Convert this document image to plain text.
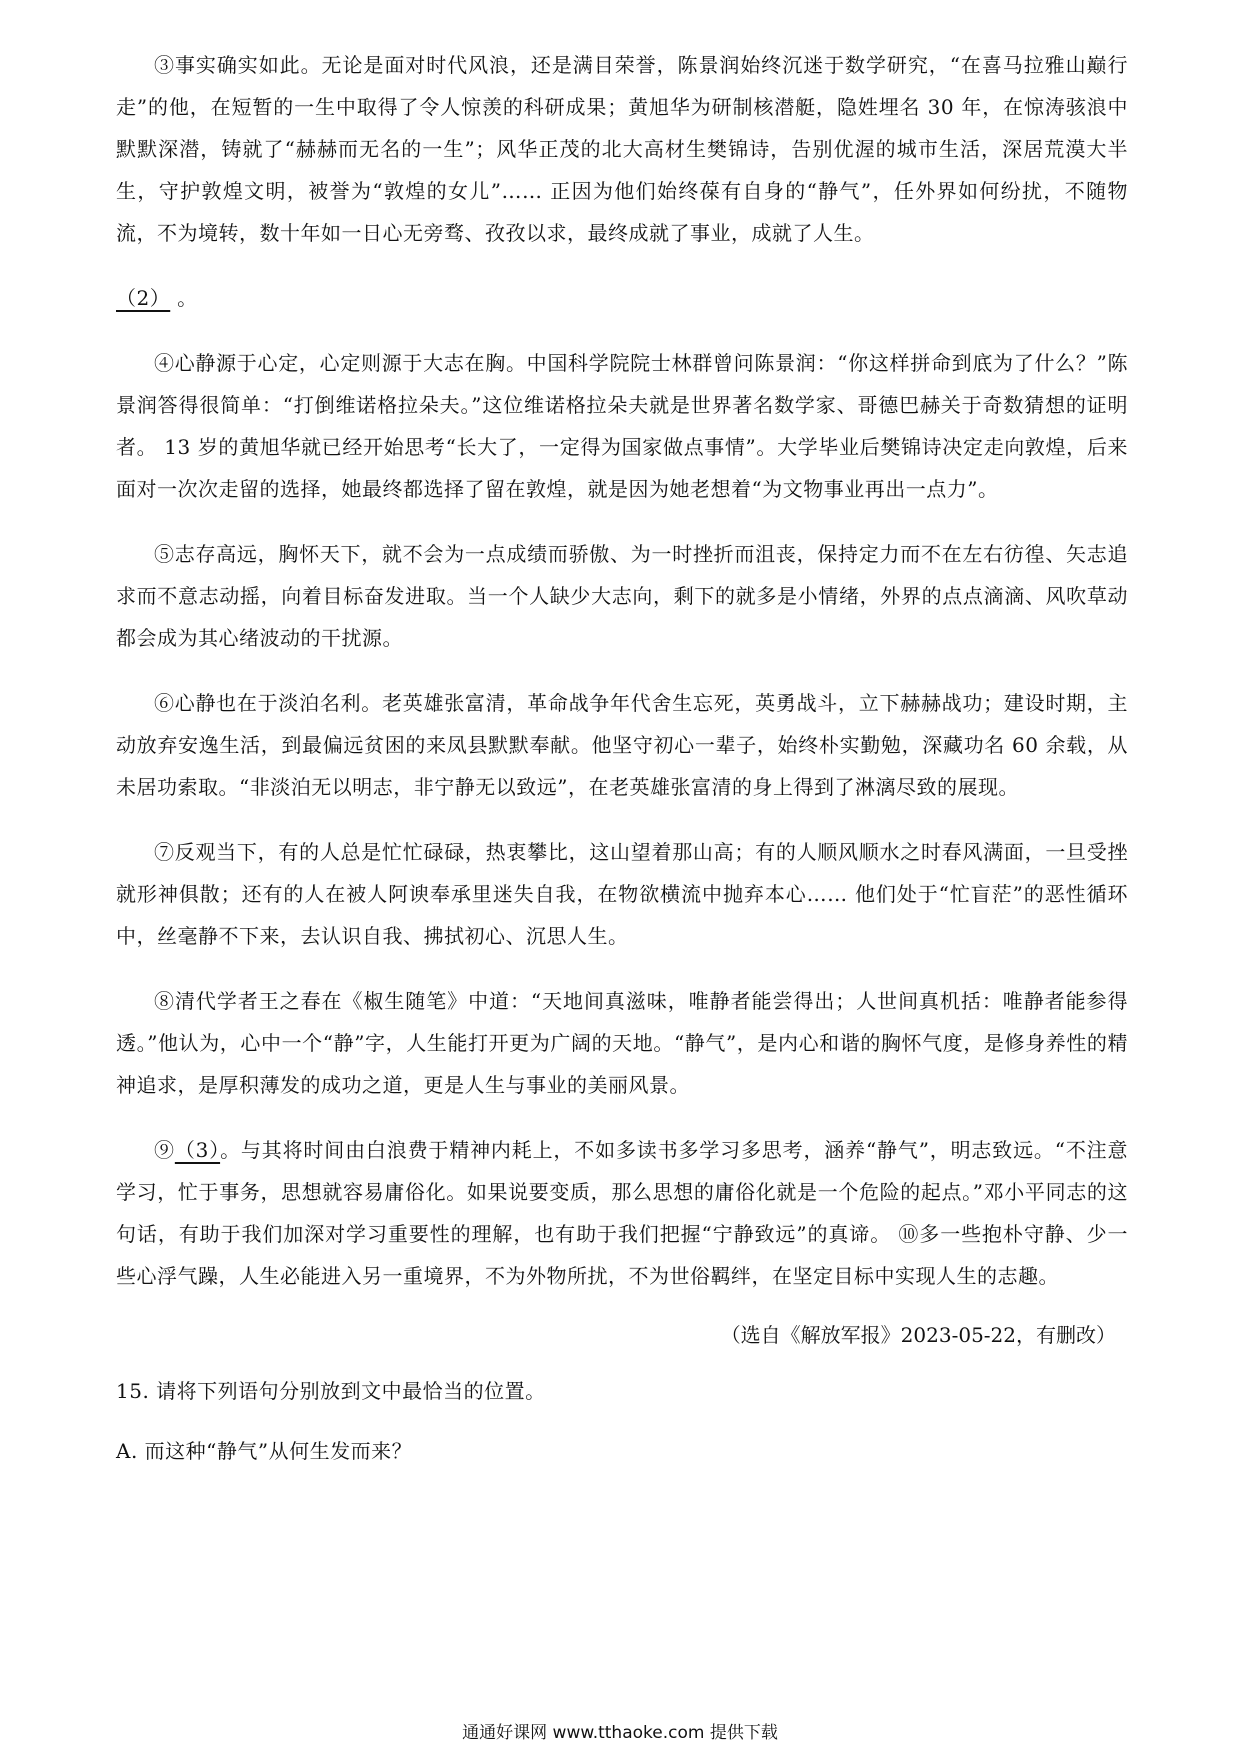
③事实确实如此。无论是面对时代风浪，还是满目荣誉，陈景润始终沉迷于数学研究，“在喜马拉雅山巅行走”的他，在短暂的一生中取得了令人惊羡的科研成果；黄旭华为研制核潜艇，隐姓埋名 30 年，在惊涛骇浪中默默深潜，铸就了“赫赫而无名的一生”；风华正茂的北大高材生樊锦诗，告别优渥的城市生活，深居荒漠大半生，守护敦煌文明，被誉为“敦煌的女儿”…… 正因为他们始终葆有自身的“静气”，任外界如何纷扰，不随物流，不为境转，数十年如一日心无旁骛、孜孜以求，最终成就了事业，成就了人生。

（2） 。

④心静源于心定，心定则源于大志在胸。中国科学院院士林群曾问陈景润：“你这样拼命到底为了什么？”陈景润答得很简单：“打倒维诺格拉朵夫。”这位维诺格拉朵夫就是世界著名数学家、哥德巴赫关于奇数猜想的证明者。 13 岁的黄旭华就已经开始思考“长大了，一定得为国家做点事情”。大学毕业后樊锦诗决定走向敦煌，后来面对一次次走留的选择，她最终都选择了留在敦煌，就是因为她老想着“为文物事业再出一点力”。

⑤志存高远，胸怀天下，就不会为一点成绩而骄傲、为一时挫折而沮丧，保持定力而不在左右彷徨、矢志追求而不意志动摇，向着目标奋发进取。当一个人缺少大志向，剩下的就多是小情绪，外界的点点滴滴、风吹草动都会成为其心绪波动的干扰源。

⑥心静也在于淡泊名利。老英雄张富清，革命战争年代舍生忘死，英勇战斗，立下赫赫战功；建设时期，主动放弃安逸生活，到最偏远贫困的来凤县默默奉献。他坚守初心一辈子，始终朴实勤勉，深藏功名 60 余载，从未居功索取。“非淡泊无以明志，非宁静无以致远”，在老英雄张富清的身上得到了淋漓尽致的展现。

⑦反观当下，有的人总是忙忙碌碌，热衷攀比，这山望着那山高；有的人顺风顺水之时春风满面，一旦受挫就形神俱散；还有的人在被人阿谀奉承里迷失自我，在物欲横流中抛弃本心…… 他们处于“忙盲茫”的恶性循环中，丝毫静不下来，去认识自我、拂拭初心、沉思人生。

⑧清代学者王之春在《椒生随笔》中道：“天地间真滋味，唯静者能尝得出；人世间真机括：唯静者能参得透。”他认为，心中一个“静”字，人生能打开更为广阔的天地。“静气”，是内心和谐的胸怀气度，是修身养性的精神追求，是厚积薄发的成功之道，更是人生与事业的美丽风景。

⑨（3）。与其将时间由白浪费于精神内耗上，不如多读书多学习多思考，涵养“静气”，明志致远。“不注意学习，忙于事务，思想就容易庸俗化。如果说要变质，那么思想的庸俗化就是一个危险的起点。”邓小平同志的这句话，有助于我们加深对学习重要性的理解，也有助于我们把握“宁静致远”的真谛。 ⑩多一些抱朴守静、少一些心浮气躁，人生必能进入另一重境界，不为外物所扰，不为世俗羁绊，在坚定目标中实现人生的志趣。

（选自《解放军报》2023-05-22，有删改）
15. 请将下列语句分别放到文中最恰当的位置。
A. 而这种“静气”从何生发而来？
通通好课网 www.tthaoke.com 提供下载
